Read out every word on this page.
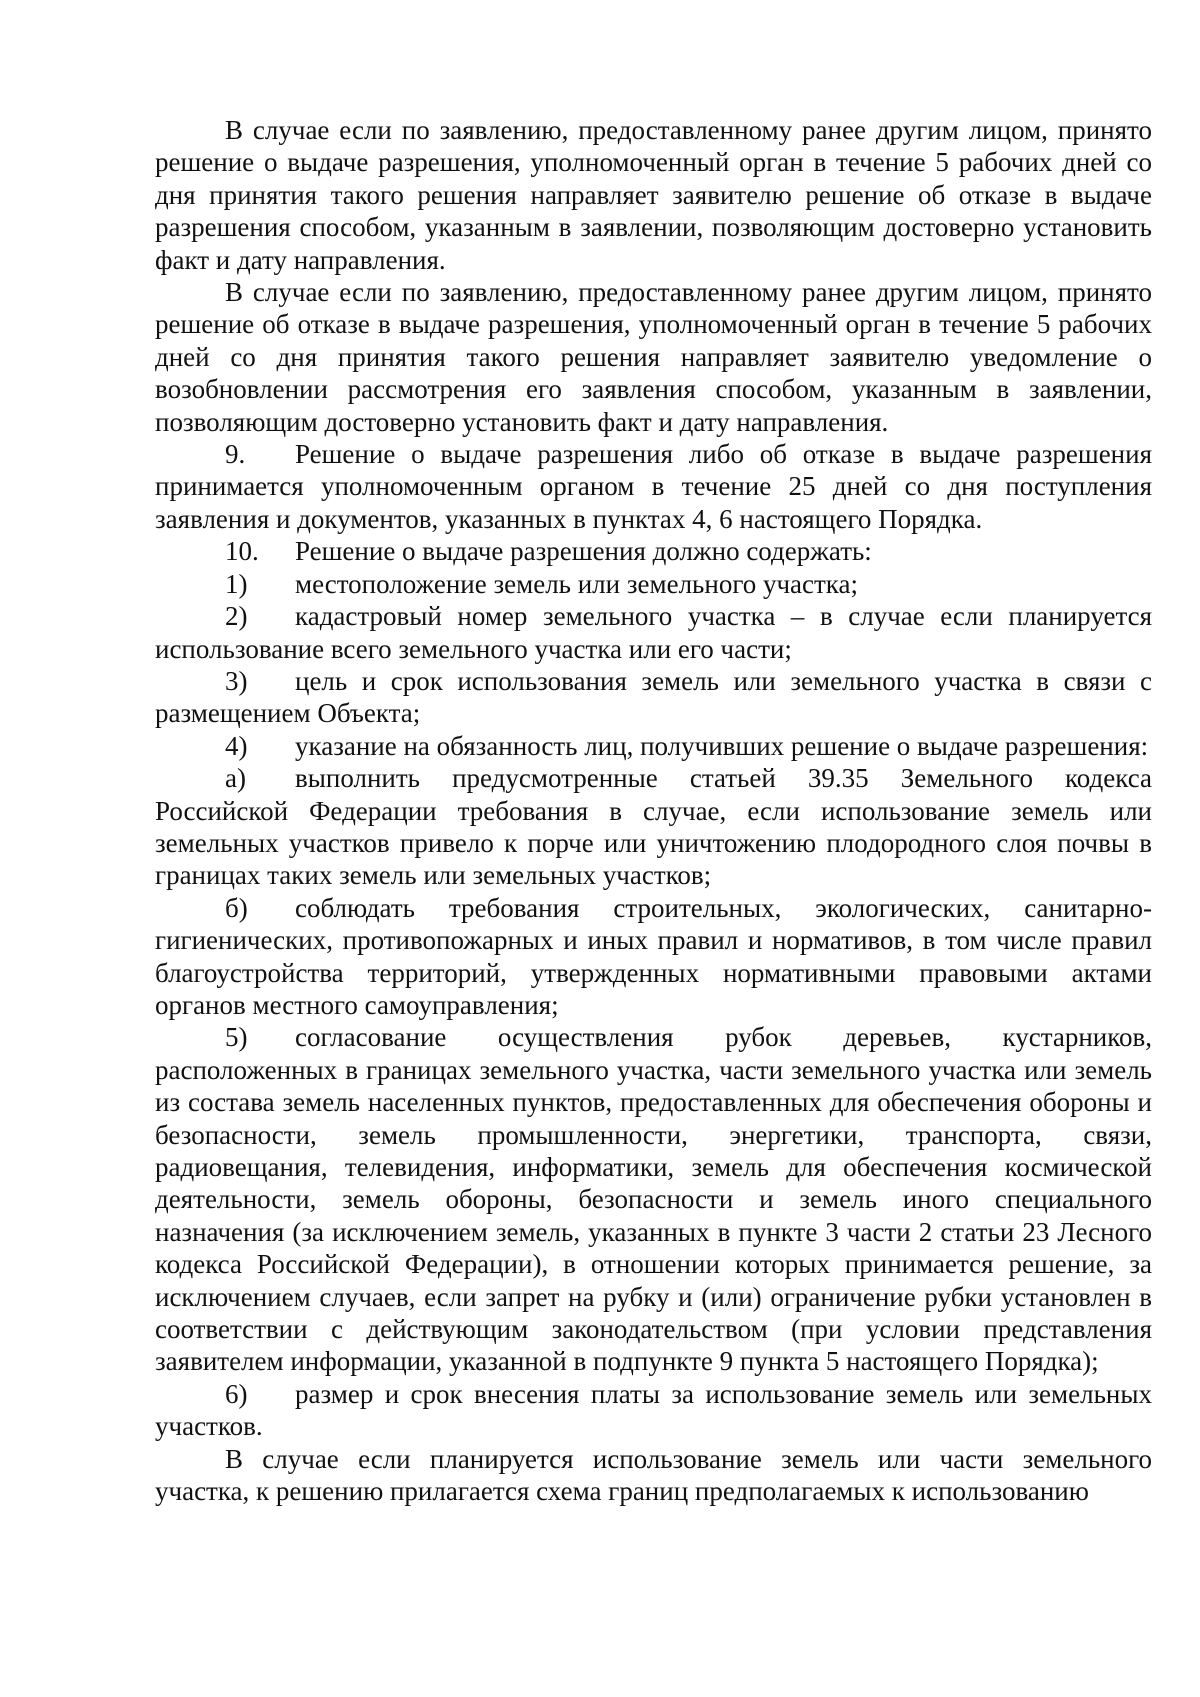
В случае если по заявлению, предоставленному ранее другим лицом, принято решение о выдаче разрешения, уполномоченный орган в течение 5 рабочих дней со дня принятия такого решения направляет заявителю решение об отказе в выдаче разрешения способом, указанным в заявлении, позволяющим достоверно установить факт и дату направления.

В случае если по заявлению, предоставленному ранее другим лицом, принято решение об отказе в выдаче разрешения, уполномоченный орган в течение 5 рабочих дней со дня принятия такого решения направляет заявителю уведомление о возобновлении рассмотрения его заявления способом, указанным в заявлении, позволяющим достоверно установить факт и дату направления.

9. Решение о выдаче разрешения либо об отказе в выдаче разрешения принимается уполномоченным органом в течение 25 дней со дня поступления заявления и документов, указанных в пунктах 4, 6 настоящего Порядка.

10. Решение о выдаче разрешения должно содержать:

1) местоположение земель или земельного участка;

2) кадастровый номер земельного участка – в случае если планируется использование всего земельного участка или его части;

3) цель и срок использования земель или земельного участка в связи с размещением Объекта;

4) указание на обязанность лиц, получивших решение о выдаче разрешения:

а) выполнить предусмотренные статьей 39.35 Земельного кодекса Российской Федерации требования в случае, если использование земель или земельных участков привело к порче или уничтожению плодородного слоя почвы в границах таких земель или земельных участков;

б) соблюдать требования строительных, экологических, санитарно-гигиенических, противопожарных и иных правил и нормативов, в том числе правил благоустройства территорий, утвержденных нормативными правовыми актами органов местного самоуправления;

5) согласование осуществления рубок деревьев, кустарников, расположенных в границах земельного участка, части земельного участка или земель из состава земель населенных пунктов, предоставленных для обеспечения обороны и безопасности, земель промышленности, энергетики, транспорта, связи, радиовещания, телевидения, информатики, земель для обеспечения космической деятельности, земель обороны, безопасности и земель иного специального назначения (за исключением земель, указанных в пункте 3 части 2 статьи 23 Лесного кодекса Российской Федерации), в отношении которых принимается решение, за исключением случаев, если запрет на рубку и (или) ограничение рубки установлен в соответствии с действующим законодательством (при условии представления заявителем информации, указанной в подпункте 9 пункта 5 настоящего Порядка);

6) размер и срок внесения платы за использование земель или земельных участков.

В случае если планируется использование земель или части земельного участка, к решению прилагается схема границ предполагаемых к использованию
